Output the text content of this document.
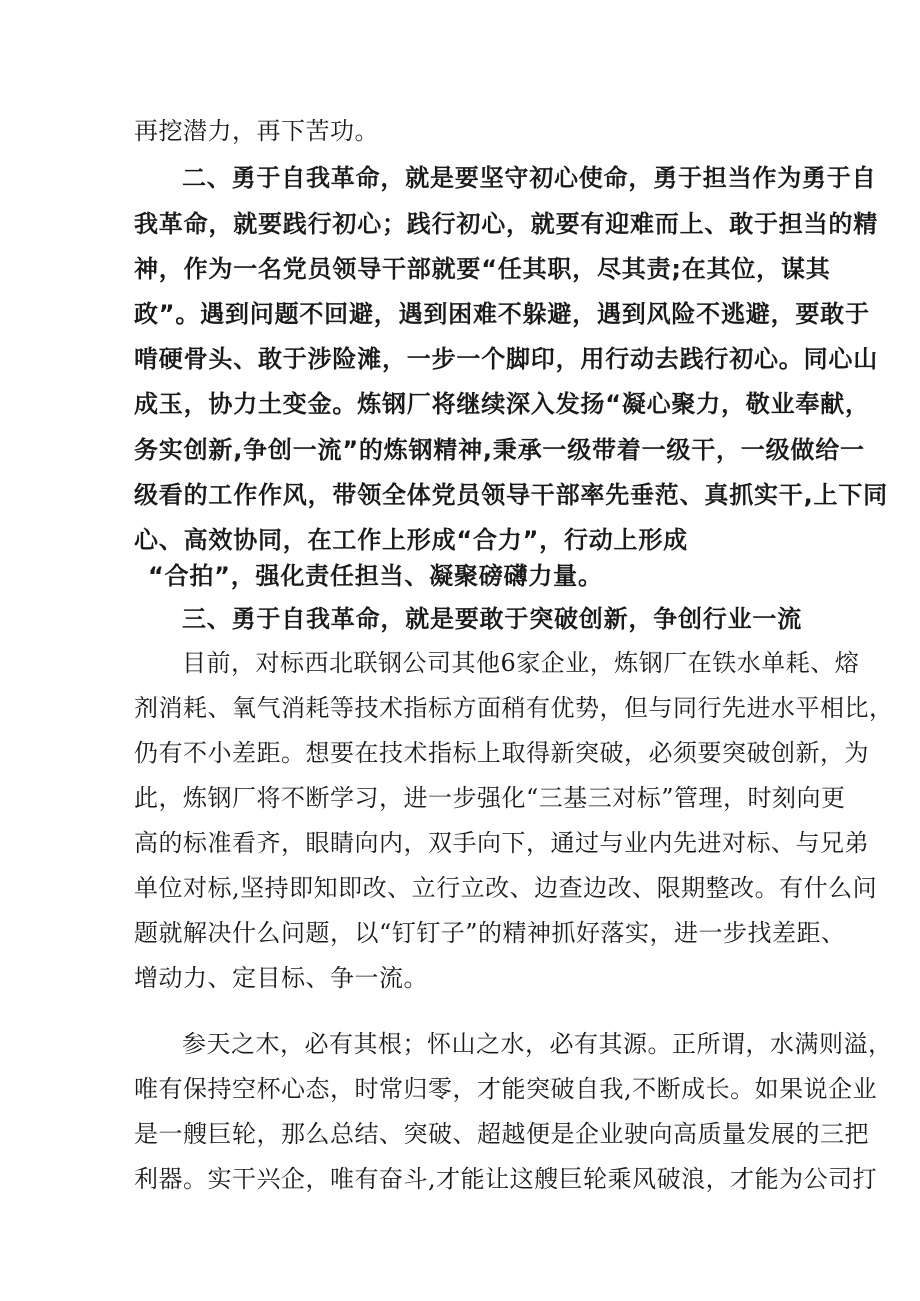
再挖潜力，再下苦功。
二、勇于自我革命，就是要坚守初心使命，勇于担当作为勇于自
我革命，就要践行初心；践行初心，就要有迎难而上、敢于担当的精
神，作为一名党员领导干部就要“任其职，尽其责;在其位，谋其
政”。遇到问题不回避，遇到困难不躲避，遇到风险不逃避，要敢于
啃硬骨头、敢于涉险滩，一步一个脚印，用行动去践行初心。同心山
成玉，协力土变金。炼钢厂将继续深入发扬“凝心聚力，敬业奉献，
务实创新,争创一流”的炼钢精神,秉承一级带着一级干，一级做给一
级看的工作作风，带领全体党员领导干部率先垂范、真抓实干,上下同
心、高效协同，在工作上形成“合力”，行动上形成
“合拍”，强化责任担当、凝聚磅礴力量。
三、勇于自我革命，就是要敢于突破创新，争创行业一流
目前，对标西北联钢公司其他6家企业，炼钢厂在铁水单耗、熔
剂消耗、氧气消耗等技术指标方面稍有优势，但与同行先进水平相比，
仍有不小差距。想要在技术指标上取得新突破，必须要突破创新，为
此，炼钢厂将不断学习，进一步强化“三基三对标”管理，时刻向更
高的标准看齐，眼睛向内，双手向下，通过与业内先进对标、与兄弟
单位对标,坚持即知即改、立行立改、边查边改、限期整改。有什么问
题就解决什么问题，以“钉钉子”的精神抓好落实，进一步找差距、
增动力、定目标、争一流。
参天之木，必有其根；怀山之水，必有其源。正所谓，水满则溢，
唯有保持空杯心态，时常归零，才能突破自我,不断成长。如果说企业
是一艘巨轮，那么总结、突破、超越便是企业驶向高质量发展的三把
利器。实干兴企，唯有奋斗,才能让这艘巨轮乘风破浪，才能为公司打
